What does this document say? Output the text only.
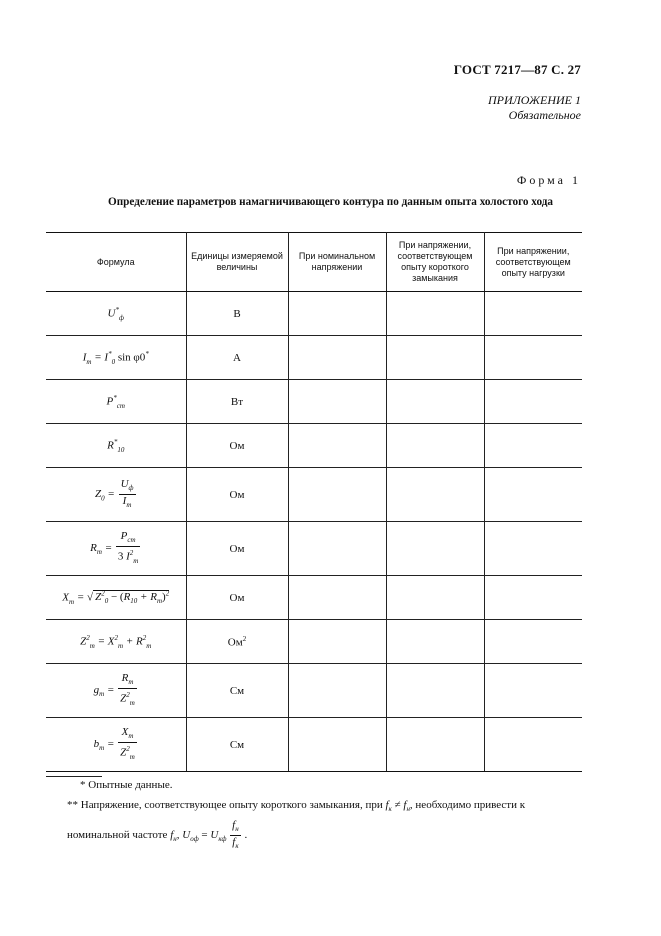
ГОСТ 7217—87 С. 27
ПРИЛОЖЕНИЕ 1
Обязательное
Форма 1
Определение параметров намагничивающего контура по данным опыта холостого хода
Формула	Единицы измеряемой величины	При номинальном напряжении	При напряжении, соответствующем опыту короткого замыкания	При напряжении, соответствующем опыту нагрузки
$U^*_ф$	В			
$I_m = I^*_0$ sin φ0*	А			
$P^*_{ст}$	Вт			
$R^*_{10}$	Ом			
$Z_0 = \frac{U_ф}{I_m}$	Ом			
$R_m = \frac{P_{ст}}{3 I^2_m}$	Ом			
$X_m$ = √ $Z^2_0 - (R_{10} + R_m)^2$	Ом			
$Z^2_m = X^2_m + R^2_m$	$Ом^2$			
$g_m = \frac{R_m}{Z^2_m}$	См			
$b_m = \frac{X_m}{Z^2_m}$	См			
* Опытные данные.
** Напряжение, соответствующее опыту короткого замыкания, при $f_к \ne f_н$, необходимо привести к номинальной частоте $f_н$, $U_{оф} = U_{кф} \frac{f_н}{f_к}$ .
